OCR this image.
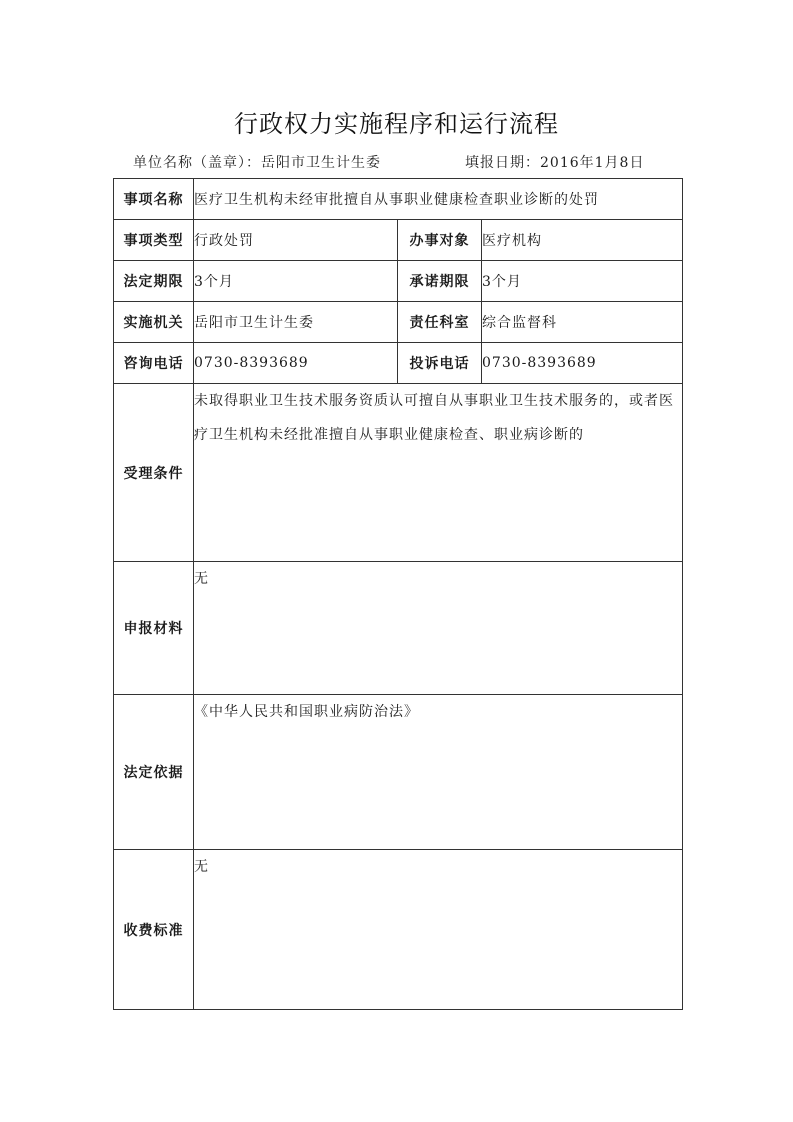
行政权力实施程序和运行流程
单位名称（盖章）：岳阳市卫生计生委	填报日期：2016年1月8日
事项名称	医疗卫生机构未经审批擅自从事职业健康检查职业诊断的处罚		
事项类型	行政处罚	办事对象	医疗机构
法定期限	3个月	承诺期限	3个月
实施机关	岳阳市卫生计生委	责任科室	综合监督科
咨询电话	0730-8393689	投诉电话	0730-8393689
受理条件	未取得职业卫生技术服务资质认可擅自从事职业卫生技术服务的，或者医疗卫生机构未经批准擅自从事职业健康检查、职业病诊断的		
申报材料	无		
法定依据	《中华人民共和国职业病防治法》		
收费标准	无		
